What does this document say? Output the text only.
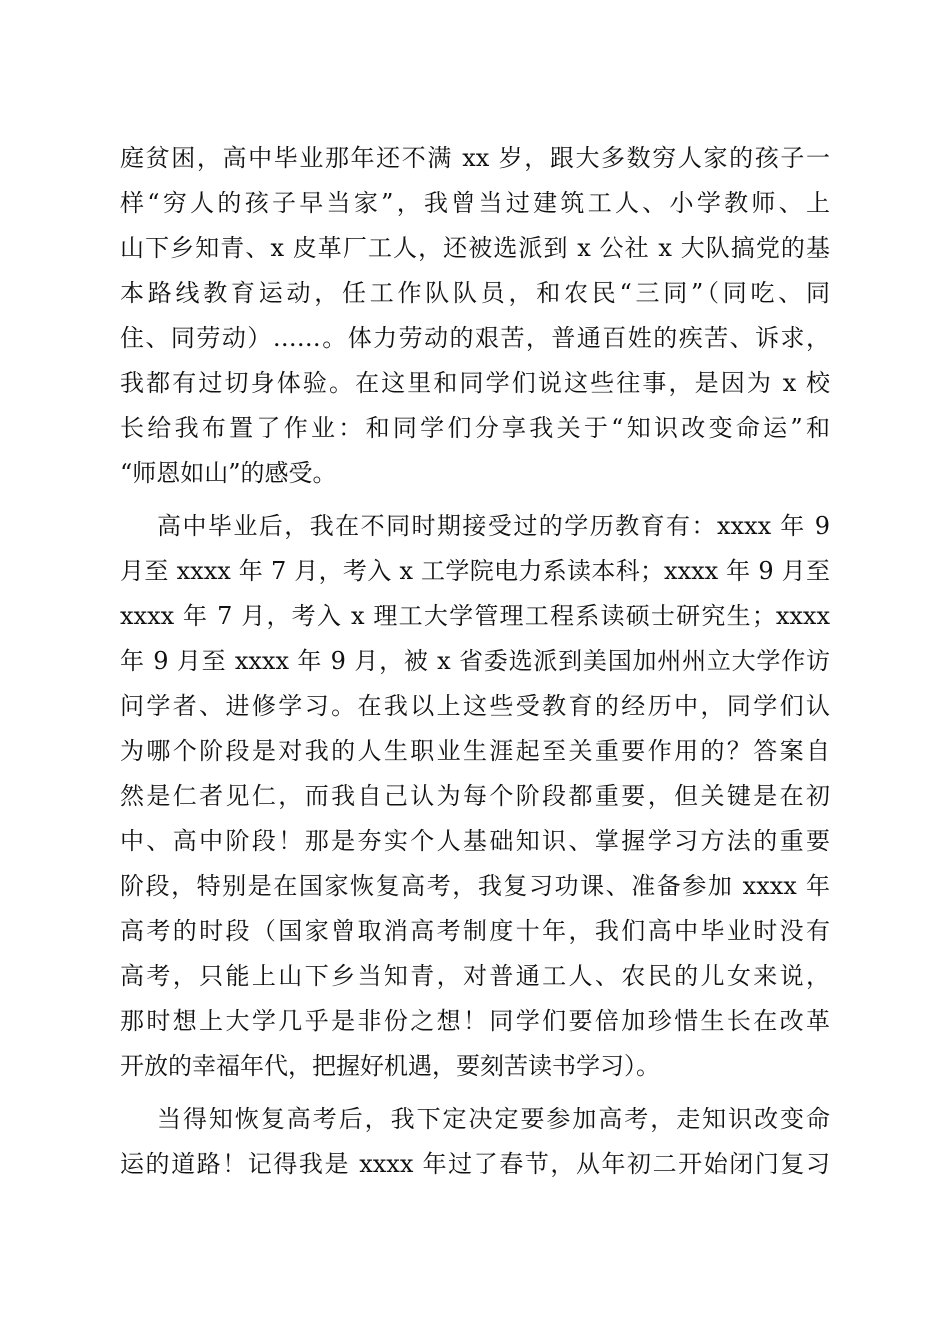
庭贫困，高中毕业那年还不满 xx 岁，跟大多数穷人家的孩子一
样“穷人的孩子早当家”，我曾当过建筑工人、小学教师、上
山下乡知青、x 皮革厂工人，还被选派到 x 公社 x 大队搞党的基
本路线教育运动，任工作队队员，和农民“三同”（同吃、同
住、同劳动）……。体力劳动的艰苦，普通百姓的疾苦、诉求，
我都有过切身体验。在这里和同学们说这些往事，是因为 x 校
长给我布置了作业：和同学们分享我关于“知识改变命运”和
“师恩如山”的感受。
高中毕业后，我在不同时期接受过的学历教育有：xxxx 年 9
月至 xxxx 年 7 月，考入 x 工学院电力系读本科；xxxx 年 9 月至
xxxx 年 7 月，考入 x 理工大学管理工程系读硕士研究生；xxxx
年 9 月至 xxxx 年 9 月，被 x 省委选派到美国加州州立大学作访
问学者、进修学习。在我以上这些受教育的经历中，同学们认
为哪个阶段是对我的人生职业生涯起至关重要作用的？答案自
然是仁者见仁，而我自己认为每个阶段都重要，但关键是在初
中、高中阶段！那是夯实个人基础知识、掌握学习方法的重要
阶段，特别是在国家恢复高考，我复习功课、准备参加 xxxx 年
高考的时段（国家曾取消高考制度十年，我们高中毕业时没有
高考，只能上山下乡当知青，对普通工人、农民的儿女来说，
那时想上大学几乎是非份之想！同学们要倍加珍惜生长在改革
开放的幸福年代，把握好机遇，要刻苦读书学习）。
当得知恢复高考后，我下定决定要参加高考，走知识改变命
运的道路！记得我是 xxxx 年过了春节，从年初二开始闭门复习
